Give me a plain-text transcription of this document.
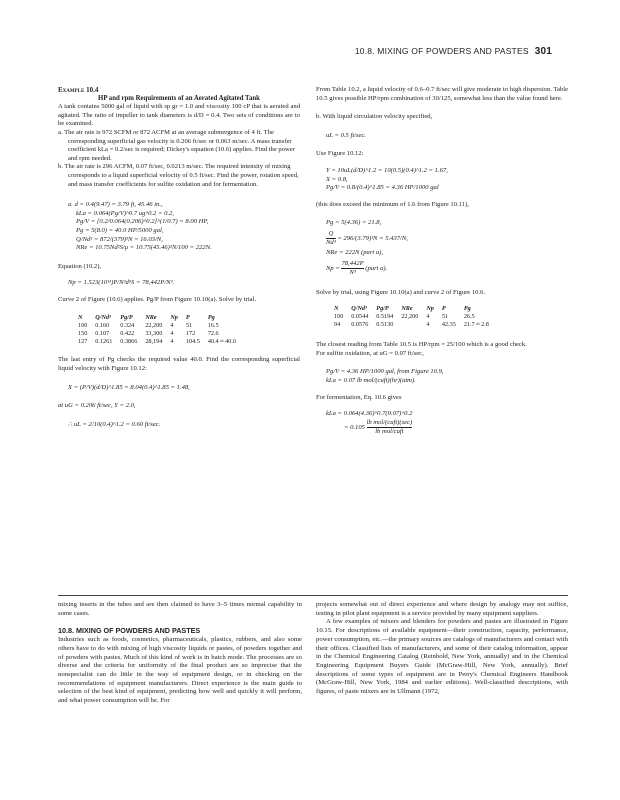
10.8. MIXING OF POWDERS AND PASTES 301

Example 10.4

HP and rpm Requirements of an Aerated Agitated Tank

A tank contains 5000 gal of liquid with sp gr = 1.0 and viscosity 100 cP that is aerated and agitated. The ratio of impeller to tank diameters is d/D = 0.4. Two sets of conditions are to be examined.

a. The air rate is 972 SCFM or 872 ACFM at an average submergence of 4 ft. The corresponding superficial gas velocity is 0.206 ft/sec or 0.063 m/sec. A mass transfer coefficient kLa = 0.2/sec is required; Dickey's equation (10.6) applies. Find the power and rpm needed.

b. The air rate is 296 ACFM, 0.07 ft/sec, 0.0213 m/sec. The required intensity of mixing corresponds to a liquid superficial velocity of 0.5 ft/sec. Find the power, rotation speed, and mass transfer coefficients for sulfite oxidation and for fermentation.

a. d = 0.4(9.47) = 3.79 ft, 45.46 in.,

kLa = 0.064(Pg/V)^0.7 ug^0.2 = 0.2,

Pg/V = [0.2/0.064(0.206)^0.2]^(1/0.7) = 8.00 HP,

Pg = 5(8.0) = 40.0 HP/5000 gal,

Q/Nd³ = 872/(379)³N = 16.03/N,

NRe = 10.75Nd²S/μ = 10.75(45.46)²N/100 = 222N.

Equation (10.2),

Np = 1.523(10¹³)P/N³d⁵S = 78,442P/N³.

Curve 2 of Figure (10.6) applies. Pg/P from Figure 10.10(a). Solve by trial.

N	Q/Nd³	Pg/P	NRe	Np	P	Pg
100	0.160	0.324	22,200	4	51	16.5
150	0.107	0.422	33,300	4	172	72.6
127	0.1261	0.3866	28,194	4	104.5	40.4 ≈ 40.0

The last entry of Pg checks the required value 40.0. Find the corresponding superficial liquid velocity with Figure 10.12:

X = (P/V)(d/D)^1.85 = 8.04(0.4)^1.85 = 1.48,

at uG = 0.206 ft/sec, Y = 2.0,

∴ uL = 2/10(0.4)^1.2 = 0.60 ft/sec.

From Table 10.2, a liquid velocity of 0.6–0.7 ft/sec will give moderate to high dispersion. Table 10.5 gives possible HP/rpm combination of 30/125, somewhat less than the value found here.

b. With liquid circulation velocity specified,

uL = 0.5 ft/sec.

Use Figure 10.12:

Y = 10uL(d/D)^1.2 = 10(0.5)(0.4)^1.2 = 1.67,

X = 0.8,

Pg/V = 0.8/(0.4)^1.85 = 4.36 HP/1000 gal

(this does exceed the minimum of 1.6 from Figure 10.11),

Pg = 5(4.36) = 21.8,

$\frac{Q}{\text{Nd³}} = 296/(3.79)^3N = 5.437/N$,

NRe = 222N (part a),

$Np = \frac{78,442P}{\text{N³}}$ (part a).

Solve by trial, using Figure 10.10(a) and curve 2 of Figure 10.6.

N	Q/Nd³	Pg/P	NRe	Np	P	Pg
100	0.0544	0.5194	22,200	4	51	26.5
94	0.0576	0.5130		4	42.35	21.7 ≈ 2.8

The closest reading from Table 10.5 is HP/rpm = 25/100 which is a good check.

For sulfite oxidation, at uG = 0.07 ft/sec,

Pg/V = 4.36 HP/1000 gal, from Figure 10.9,

kLa = 0.07 lb mol/(cuft)(hr)(atm).

For fermentation, Eq. 10.6 gives

kLa = 0.064(4.36)^0.7(0.07)^0.2

= $0.105 \frac{\text{lb mol/(cuft)(sec)}}{\text{lb mol/cuft}}$

mixing inserts in the tubes and are then claimed to have 3–5 times normal capability in some cases.

10.8. MIXING OF POWDERS AND PASTES

Industries such as foods, cosmetics, pharmaceuticals, plastics, rubbers, and also some others have to do with mixing of high viscosity liquids or pastes, of powders together and of powders with pastes. Much of this kind of work is in batch mode. The processes are so diverse and the criteria for uniformity of the final product are so imprecise that the nonspecialist can do little in the way of equipment design, or in checking on the recommendations of equipment manufacturers. Direct experience is the main guide to selection of the best kind of equipment, predicting how well and quickly it will perform, and what power consumption will be. For

projects somewhat out of direct experience and where design by analogy may not suffice, testing in pilot plant equipment is a service provided by many equipment suppliers.

A few examples of mixers and blenders for powders and pastes are illustrated in Figure 10.15. For descriptions of available equipment—their construction, capacity, performance, power consumption, etc.—the primary sources are catalogs of manufacturers and contact with their offices. Classified lists of manufacturers, and some of their catalog information, appear in the Chemical Engineering Catalog (Reinhold, New York, annually) and in the Chemical Engineering Equipment Buyers Guide (McGraw-Hill, New York, annually). Brief descriptions of some types of equipment are in Perry's Chemical Engineers Handbook (McGraw-Hill, New York, 1984 and earlier editions). Well-classified descriptions, with figures, of paste mixers are in Ullmann (1972,
